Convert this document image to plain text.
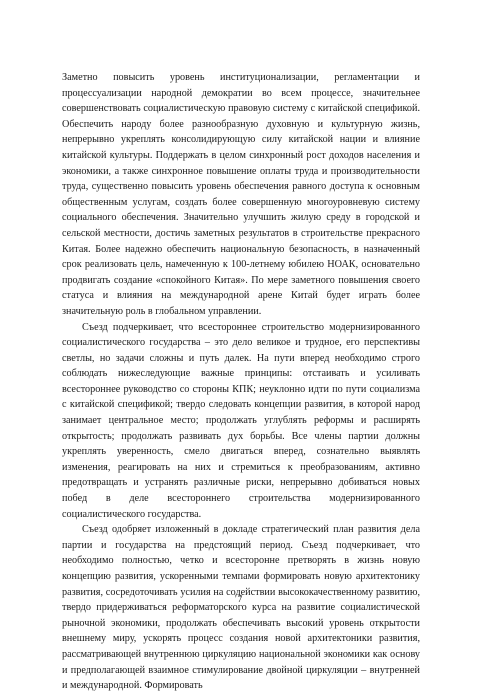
Заметно повысить уровень институционализации, регламентации и процессуализации народной демократии во всем процессе, значительнее совершенствовать социалистическую правовую систему с китайской спецификой. Обеспечить народу более разнообразную духовную и культурную жизнь, непрерывно укреплять консолидирующую силу китайской нации и влияние китайской культуры. Поддержать в целом синхронный рост доходов населения и экономики, а также синхронное повышение оплаты труда и производительности труда, существенно повысить уровень обеспечения равного доступа к основным общественным услугам, создать более совершенную многоуровневую систему социального обеспечения. Значительно улучшить жилую среду в городской и сельской местности, достичь заметных результатов в строительстве прекрасного Китая. Более надежно обеспечить национальную безопасность, в назначенный срок реализовать цель, намеченную к 100-летнему юбилею НОАК, основательно продвигать создание «спокойного Китая». По мере заметного повышения своего статуса и влияния на международной арене Китай будет играть более значительную роль в глобальном управлении.

Съезд подчеркивает, что всестороннее строительство модернизированного социалистического государства – это дело великое и трудное, его перспективы светлы, но задачи сложны и путь далек. На пути вперед необходимо строго соблюдать нижеследующие важные принципы: отстаивать и усиливать всестороннее руководство со стороны КПК; неуклонно идти по пути социализма с китайской спецификой; твердо следовать концепции развития, в которой народ занимает центральное место; продолжать углублять реформы и расширять открытость; продолжать развивать дух борьбы. Все члены партии должны укреплять уверенность, смело двигаться вперед, сознательно выявлять изменения, реагировать на них и стремиться к преобразованиям, активно предотвращать и устранять различные риски, непрерывно добиваться новых побед в деле всестороннего строительства модернизированного социалистического государства.

Съезд одобряет изложенный в докладе стратегический план развития дела партии и государства на предстоящий период. Съезд подчеркивает, что необходимо полностью, четко и всесторонне претворять в жизнь новую концепцию развития, ускоренными темпами формировать новую архитектонику развития, сосредоточивать усилия на содействии высококачественному развитию, твердо придерживаться реформаторского курса на развитие социалистической рыночной экономики, продолжать обеспечивать высокий уровень открытости внешнему миру, ускорять процесс создания новой архитектоники развития, рассматривающей внутреннюю циркуляцию национальной экономики как основу и предполагающей взаимное стимулирование двойной циркуляции – внутренней и международной. Формировать

7
